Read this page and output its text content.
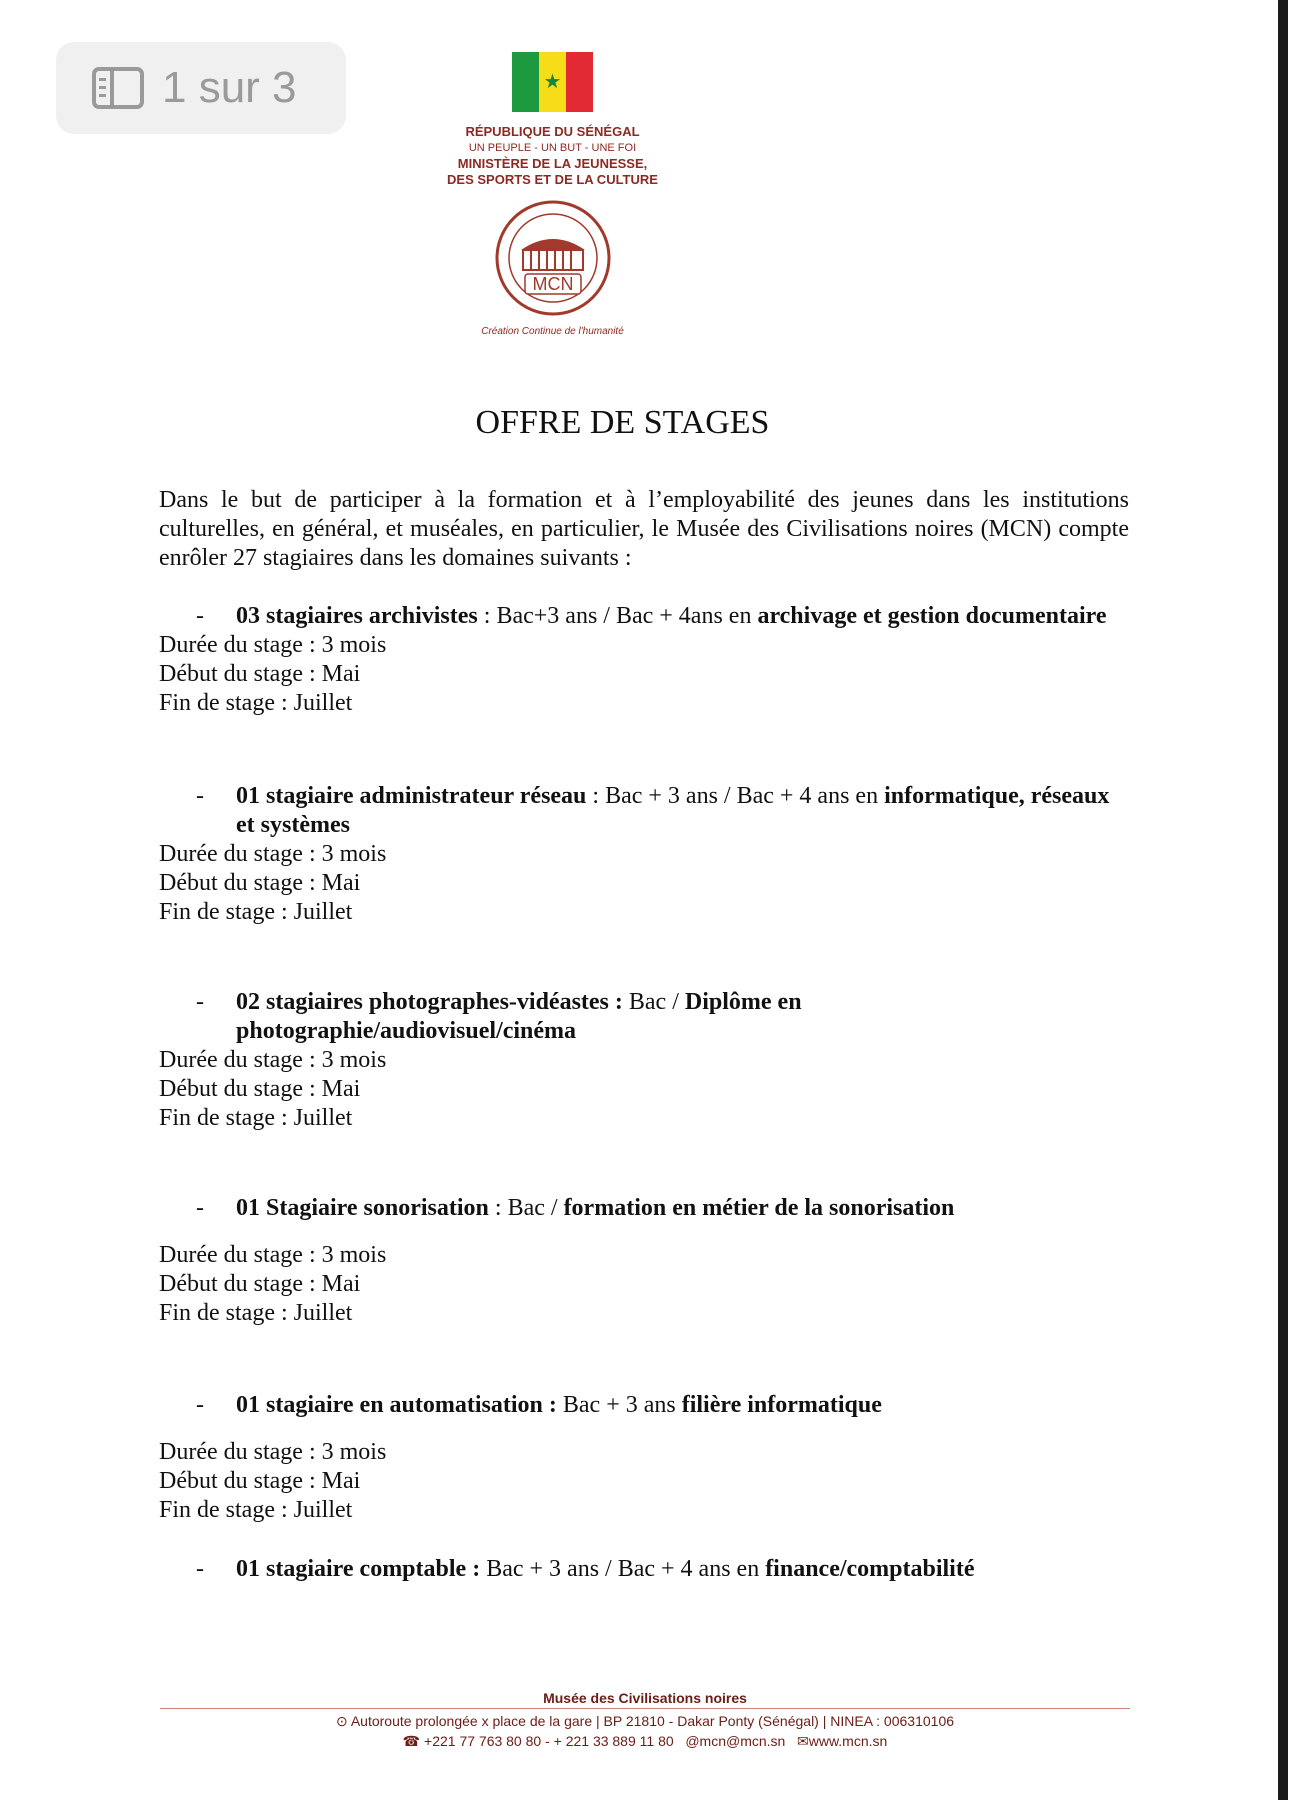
1 sur 3	★
RÉPUBLIQUE DU SÉNÉGAL
UN PEUPLE - UN BUT - UNE FOI
MINISTÈRE DE LA JEUNESSE,
DES SPORTS ET DE LA CULTURE
MCN
Création Continue de l'humanité
OFFRE DE STAGES

Dans le but de participer à la formation et à l’employabilité des jeunes dans les institutions culturelles, en général, et muséales, en particulier, le Musée des Civilisations noires (MCN) compte enrôler 27 stagiaires dans les domaines suivants :

- 03 stagiaires archivistes : Bac+3 ans / Bac + 4ans en archivage et gestion documentaire

Durée du stage : 3 mois

Début du stage : Mai

Fin de stage : Juillet

- 01 stagiaire administrateur réseau : Bac + 3 ans / Bac + 4 ans en informatique, réseaux et systèmes

Durée du stage : 3 mois

Début du stage : Mai

Fin de stage : Juillet

- 02 stagiaires photographes-vidéastes : Bac / Diplôme en photographie/audiovisuel/cinéma

Durée du stage : 3 mois

Début du stage : Mai

Fin de stage : Juillet

- 01 Stagiaire sonorisation : Bac / formation en métier de la sonorisation

Durée du stage : 3 mois

Début du stage : Mai

Fin de stage : Juillet

- 01 stagiaire en automatisation : Bac + 3 ans filière informatique

Durée du stage : 3 mois

Début du stage : Mai

Fin de stage : Juillet

- 01 stagiaire comptable : Bac + 3 ans / Bac + 4 ans en finance/comptabilité

Musée des Civilisations noires
⊙ Autoroute prolongée x place de la gare | BP 21810 - Dakar Ponty (Sénégal) | NINEA : 006310106
☎ +221 77 763 80 80 - + 221 33 889 11 80 @mcn@mcn.sn ✉www.mcn.sn
